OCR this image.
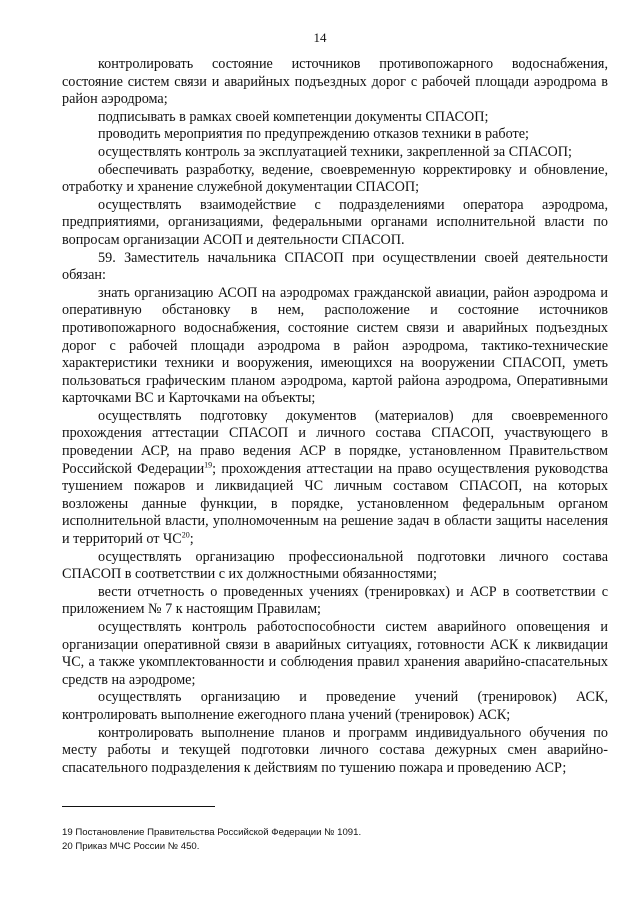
14

контролировать состояние источников противопожарного водоснабжения, состояние систем связи и аварийных подъездных дорог с рабочей площади аэродрома в район аэродрома;

подписывать в рамках своей компетенции документы СПАСОП;

проводить мероприятия по предупреждению отказов техники в работе;

осуществлять контроль за эксплуатацией техники, закрепленной за СПАСОП;

обеспечивать разработку, ведение, своевременную корректировку и обновление, отработку и хранение служебной документации СПАСОП;

осуществлять взаимодействие с подразделениями оператора аэродрома, предприятиями, организациями, федеральными органами исполнительной власти по вопросам организации АСОП и деятельности СПАСОП.

59. Заместитель начальника СПАСОП при осуществлении своей деятельности обязан:

знать организацию АСОП на аэродромах гражданской авиации, район аэродрома и оперативную обстановку в нем, расположение и состояние источников противопожарного водоснабжения, состояние систем связи и аварийных подъездных дорог с рабочей площади аэродрома в район аэродрома, тактико-технические характеристики техники и вооружения, имеющихся на вооружении СПАСОП, уметь пользоваться графическим планом аэродрома, картой района аэродрома, Оперативными карточками ВС и Карточками на объекты;

осуществлять подготовку документов (материалов) для своевременного прохождения аттестации СПАСОП и личного состава СПАСОП, участвующего в проведении АСР, на право ведения АСР в порядке, установленном Правительством Российской Федерации$^{19}$; прохождения аттестации на право осуществления руководства тушением пожаров и ликвидацией ЧС личным составом СПАСОП, на которых возложены данные функции, в порядке, установленном федеральным органом исполнительной власти, уполномоченным на решение задач в области защиты населения и территорий от ЧС$^{20}$;

осуществлять организацию профессиональной подготовки личного состава СПАСОП в соответствии с их должностными обязанностями;

вести отчетность о проведенных учениях (тренировках) и АСР в соответствии с приложением № 7 к настоящим Правилам;

осуществлять контроль работоспособности систем аварийного оповещения и организации оперативной связи в аварийных ситуациях, готовности АСК к ликвидации ЧС, а также укомплектованности и соблюдения правил хранения аварийно-спасательных средств на аэродроме;

осуществлять организацию и проведение учений (тренировок) АСК, контролировать выполнение ежегодного плана учений (тренировок) АСК;

контролировать выполнение планов и программ индивидуального обучения по месту работы и текущей подготовки личного состава дежурных смен аварийно-спасательного подразделения к действиям по тушению пожара и проведению АСР;

19 Постановление Правительства Российской Федерации № 1091.

20 Приказ МЧС России № 450.
